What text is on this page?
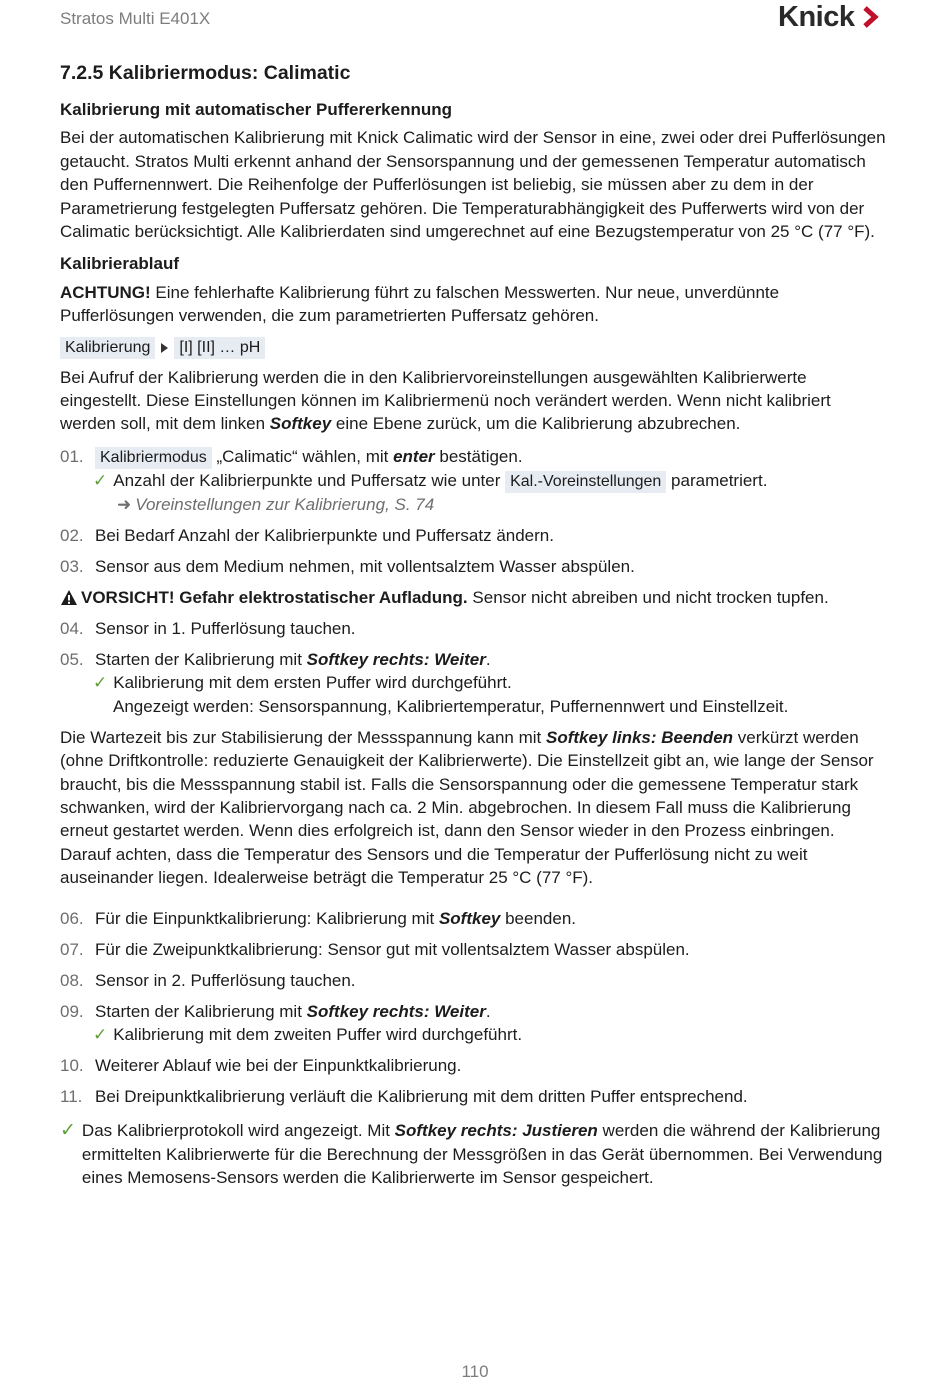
Stratos Multi E401X	Knick
7.2.5 Kalibriermodus: Calimatic
Kalibrierung mit automatischer Puffererkennung

Bei der automatischen Kalibrierung mit Knick Calimatic wird der Sensor in eine, zwei oder drei Pufferlösungen getaucht. Stratos Multi erkennt anhand der Sensorspannung und der gemessenen Temperatur automatisch den Puffernennwert. Die Reihenfolge der Pufferlösungen ist beliebig, sie müssen aber zu dem in der Parametrierung festgelegten Puffersatz gehören. Die Temperaturabhängigkeit des Pufferwerts wird von der Calimatic berücksichtigt. Alle Kalibrierdaten sind umgerechnet auf eine Bezugstemperatur von 25 °C (77 °F).

Kalibrierablauf

ACHTUNG! Eine fehlerhafte Kalibrierung führt zu falschen Messwerten. Nur neue, unverdünnte Pufferlösungen verwenden, die zum parametrierten Puffersatz gehören.

Kalibrierung	[I] [II] … pH

Bei Aufruf der Kalibrierung werden die in den Kalibriervoreinstellungen ausgewählten Kalibrierwerte eingestellt. Diese Einstellungen können im Kalibriermenü noch verändert werden. Wenn nicht kalibriert werden soll, mit dem linken Softkey eine Ebene zurück, um die Kalibrierung abzubrechen.

01.	Kalibriermodus „Calimatic“ wählen, mit enter bestätigen.
✓ Anzahl der Kalibrierpunkte und Puffersatz wie unter Kal.-Voreinstellungen parametriert.
➜ Voreinstellungen zur Kalibrierung, S. 74
02. Bei Bedarf Anzahl der Kalibrierpunkte und Puffersatz ändern.
03. Sensor aus dem Medium nehmen, mit vollentsalztem Wasser abspülen.
VORSICHT! Gefahr elektrostatischer Aufladung. Sensor nicht abreiben und nicht trocken tupfen.
04. Sensor in 1. Pufferlösung tauchen.
05. Starten der Kalibrierung mit Softkey rechts: Weiter.
✓ Kalibrierung mit dem ersten Puffer wird durchgeführt.
Angezeigt werden: Sensorspannung, Kalibriertemperatur, Puffernennwert und Einstellzeit.

Die Wartezeit bis zur Stabilisierung der Messspannung kann mit Softkey links: Beenden verkürzt werden (ohne Driftkontrolle: reduzierte Genauigkeit der Kalibrierwerte). Die Einstellzeit gibt an, wie lange der Sensor braucht, bis die Messspannung stabil ist. Falls die Sensorspannung oder die gemessene Temperatur stark schwanken, wird der Kalibriervorgang nach ca. 2 Min. abgebrochen. In diesem Fall muss die Kalibrierung erneut gestartet werden. Wenn dies erfolgreich ist, dann den Sensor wieder in den Prozess einbringen. Darauf achten, dass die Temperatur des Sensors und die Temperatur der Pufferlösung nicht zu weit auseinander liegen. Idealerweise beträgt die Temperatur 25 °C (77 °F).

06. Für die Einpunktkalibrierung: Kalibrierung mit Softkey beenden.
07. Für die Zweipunktkalibrierung: Sensor gut mit vollentsalztem Wasser abspülen.
08. Sensor in 2. Pufferlösung tauchen.
09. Starten der Kalibrierung mit Softkey rechts: Weiter.
✓ Kalibrierung mit dem zweiten Puffer wird durchgeführt.
10. Weiterer Ablauf wie bei der Einpunktkalibrierung.
11. Bei Dreipunktkalibrierung verläuft die Kalibrierung mit dem dritten Puffer entsprechend.
✓ Das Kalibrierprotokoll wird angezeigt. Mit Softkey rechts: Justieren werden die während der Kalibrierung ermittelten Kalibrierwerte für die Berechnung der Messgrößen in das Gerät übernommen. Bei Verwendung eines Memosens-Sensors werden die Kalibrierwerte im Sensor gespeichert.
110
